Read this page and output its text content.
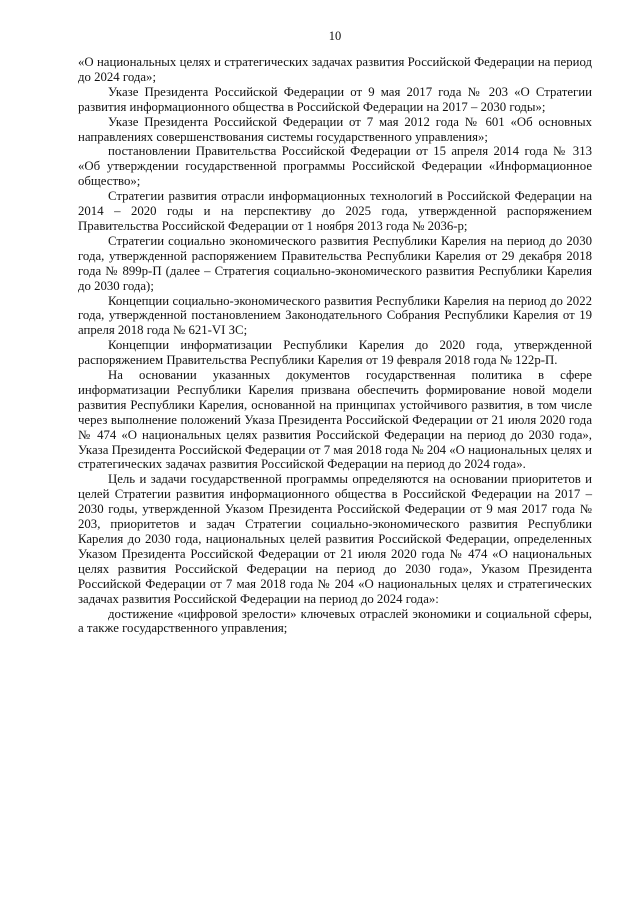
10

«О национальных целях и стратегических задачах развития Российской Федерации на период до 2024 года»;

Указе Президента Российской Федерации от 9 мая 2017 года № 203 «О Стратегии развития информационного общества в Российской Федерации на 2017 – 2030 годы»;

Указе Президента Российской Федерации от 7 мая 2012 года № 601 «Об основных направлениях совершенствования системы государственного управления»;

постановлении Правительства Российской Федерации от 15 апреля 2014 года № 313 «Об утверждении государственной программы Российской Федерации «Информационное общество»;

Стратегии развития отрасли информационных технологий в Российской Федерации на 2014 – 2020 годы и на перспективу до 2025 года, утвержденной распоряжением Правительства Российской Федерации от 1 ноября 2013 года № 2036-р;

Стратегии социально экономического развития Республики Карелия на период до 2030 года, утвержденной распоряжением Правительства Республики Карелия от 29 декабря 2018 года № 899р-П (далее – Стратегия социально-экономического развития Республики Карелия до 2030 года);

Концепции социально-экономического развития Республики Карелия на период до 2022 года, утвержденной постановлением Законодательного Собрания Республики Карелия от 19 апреля 2018 года № 621-VI ЗС;

Концепции информатизации Республики Карелия до 2020 года, утвержденной распоряжением Правительства Республики Карелия от 19 февраля 2018 года № 122р-П.

На основании указанных документов государственная политика в сфере информатизации Республики Карелия призвана обеспечить формирование новой модели развития Республики Карелия, основанной на принципах устойчивого развития, в том числе через выполнение положений Указа Президента Российской Федерации от 21 июля 2020 года № 474 «О национальных целях развития Российской Федерации на период до 2030 года», Указа Президента Российской Федерации от 7 мая 2018 года № 204 «О национальных целях и стратегических задачах развития Российской Федерации на период до 2024 года».

Цель и задачи государственной программы определяются на основании приоритетов и целей Стратегии развития информационного общества в Российской Федерации на 2017 – 2030 годы, утвержденной Указом Президента Российской Федерации от 9 мая 2017 года № 203, приоритетов и задач Стратегии социально-экономического развития Республики Карелия до 2030 года, национальных целей развития Российской Федерации, определенных Указом Президента Российской Федерации от 21 июля 2020 года № 474 «О национальных целях развития Российской Федерации на период до 2030 года», Указом Президента Российской Федерации от 7 мая 2018 года № 204 «О национальных целях и стратегических задачах развития Российской Федерации на период до 2024 года»:

достижение «цифровой зрелости» ключевых отраслей экономики и социальной сферы, а также государственного управления;
